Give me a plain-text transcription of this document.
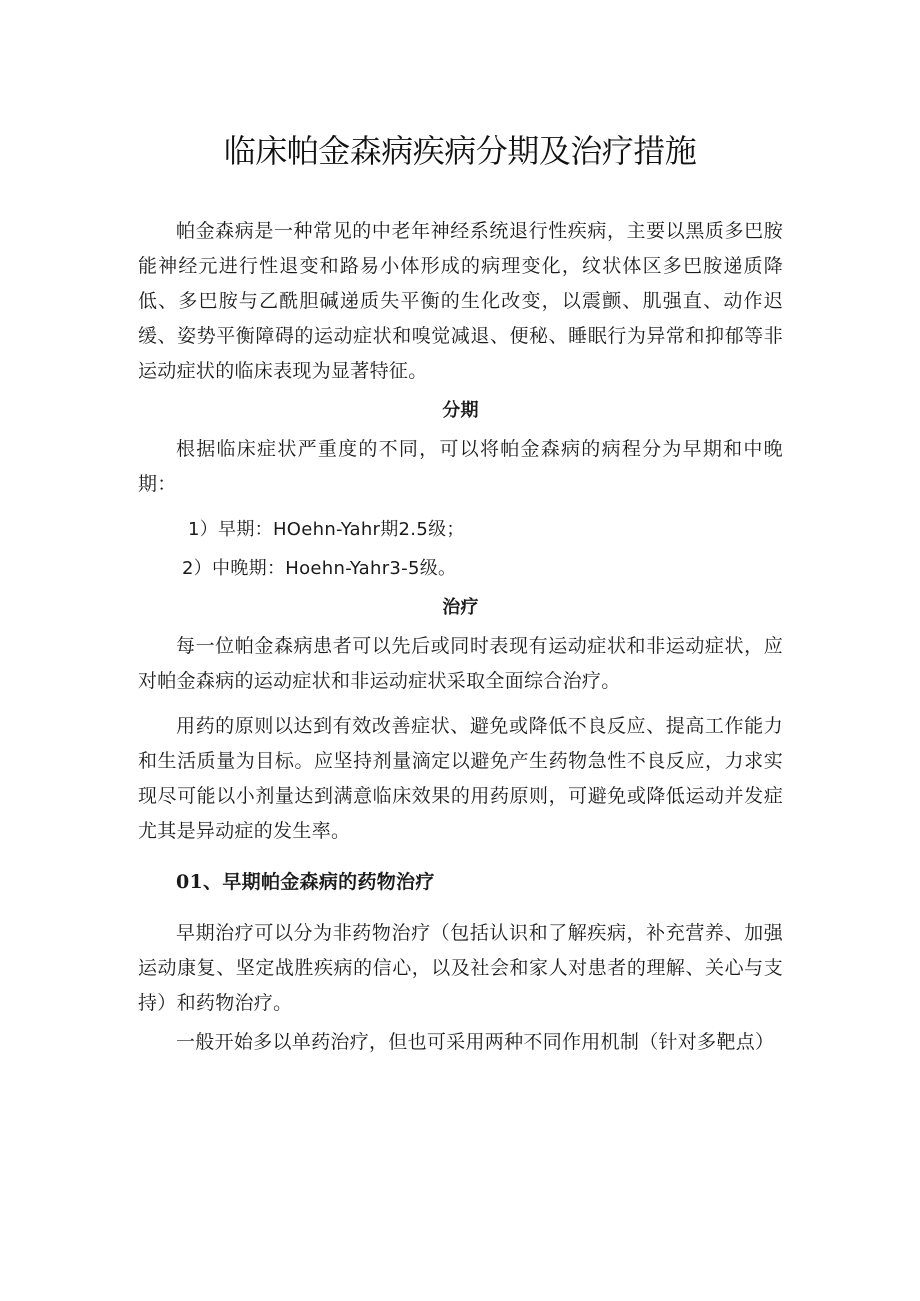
临床帕金森病疾病分期及治疗措施

帕金森病是一种常见的中老年神经系统退行性疾病，主要以黑质多巴胺能神经元进行性退变和路易小体形成的病理变化，纹状体区多巴胺递质降低、多巴胺与乙酰胆碱递质失平衡的生化改变，以震颤、肌强直、动作迟缓、姿势平衡障碍的运动症状和嗅觉减退、便秘、睡眠行为异常和抑郁等非运动症状的临床表现为显著特征。

分期

根据临床症状严重度的不同，可以将帕金森病的病程分为早期和中晚期：

1）早期：HOehn-Yahr期2.5级；

2）中晚期：Hoehn-Yahr3-5级。

治疗

每一位帕金森病患者可以先后或同时表现有运动症状和非运动症状，应对帕金森病的运动症状和非运动症状采取全面综合治疗。

用药的原则以达到有效改善症状、避免或降低不良反应、提高工作能力和生活质量为目标。应坚持剂量滴定以避免产生药物急性不良反应，力求实现尽可能以小剂量达到满意临床效果的用药原则，可避免或降低运动并发症尤其是异动症的发生率。

01、早期帕金森病的药物治疗

早期治疗可以分为非药物治疗（包括认识和了解疾病，补充营养、加强运动康复、坚定战胜疾病的信心，以及社会和家人对患者的理解、关心与支持）和药物治疗。

一般开始多以单药治疗，但也可采用两种不同作用机制（针对多靶点）
